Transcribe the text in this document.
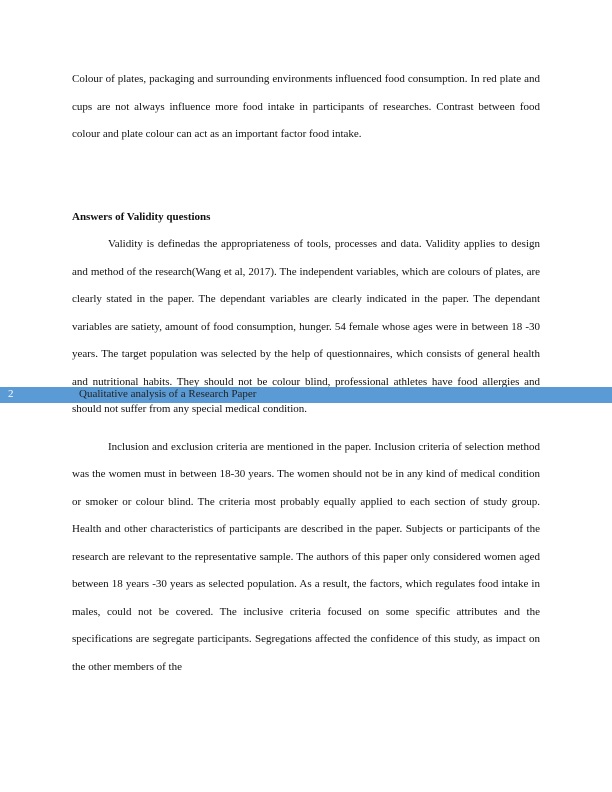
Colour of plates, packaging and surrounding environments influenced food consumption. In red plate and cups are not always influence more food intake in participants of researches. Contrast between food colour and plate colour can act as an important factor food intake.

Answers of Validity questions

Validity is definedas the appropriateness of tools, processes and data. Validity applies to design and method of the research(Wang et al, 2017). The independent variables, which are colours of plates, are clearly stated in the paper. The dependant variables are clearly indicated in the paper. The dependant variables are satiety, amount of food consumption, hunger. 54 female whose ages were in between 18 -30 years. The target population was selected by the help of questionnaires, which consists of general health and nutritional habits. They should not be colour blind, professional athletes have food allergies and should not suffer from any special medical condition.

Inclusion and exclusion criteria are mentioned in the paper. Inclusion criteria of selection method was the women must in between 18-30 years. The women should not be in any kind of medical condition or smoker or colour blind. The criteria most probably equally applied to each section of study group. Health and other characteristics of participants are described in the paper. Subjects or participants of the research are relevant to the representative sample. The authors of this paper only considered women aged between 18 years -30 years as selected population. As a result, the factors, which regulates food intake in males, could not be covered. The inclusive criteria focused on some specific attributes and the specifications are segregate participants. Segregations affected the confidence of this study, as impact on the other members of the

2	Qualitative analysis of a Research Paper
